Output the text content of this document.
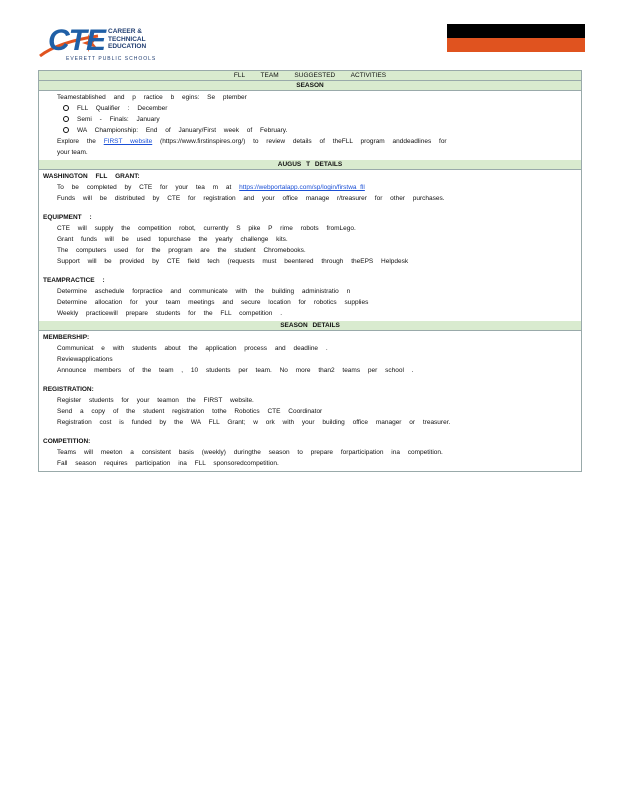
CTE CAREER &
TECHNICAL
EDUCATION
EVERETT PUBLIC SCHOOLS
FLL TEAM SUGGESTED ACTIVITIES
SEASON
Teamestablished and p ractice b egins: Se ptember
FLL Qualifier : December
Semi - Finals: January
WA Championship: End of January/First week of February.
Explore the FIRST website (https://www.firstinspires.org/) to review details of theFLL program anddeadlines for
your team.
AUGUS T DETAILS
WASHINGTON FLL GRANT:
To be completed by CTE for your tea m at https://webportalapp.com/sp/login/firstwa_fll
Funds will be distributed by CTE for registration and your office manage r/treasurer for other purchases.
EQUIPMENT :
CTE will supply the competition robot, currently S pike P rime robots fromLego.
Grant funds will be used topurchase the yearly challenge kits.
The computers used for the program are the student Chromebooks.
Support will be provided by CTE field tech (requests must beentered through theEPS Helpdesk
TEAMPRACTICE :
Determine aschedule forpractice and communicate with the building administratio n
Determine allocation for your team meetings and secure location for robotics supplies
Weekly practicewill prepare students for the FLL competition .
SEASON DETAILS
MEMBERSHIP:
Communicat e with students about the application process and deadline .
Reviewapplications
Announce members of the team , 10 students per team. No more than2 teams per school .
REGISTRATION:
Register students for your teamon the FIRST website.
Send a copy of the student registration tothe Robotics CTE Coordinator
Registration cost is funded by the WA FLL Grant; w ork with your building office manager or treasurer.
COMPETITION:
Teams will meeton a consistent basis (weekly) duringthe season to prepare forparticipation ina competition.
Fall season requires participation ina FLL sponsoredcompetition.
